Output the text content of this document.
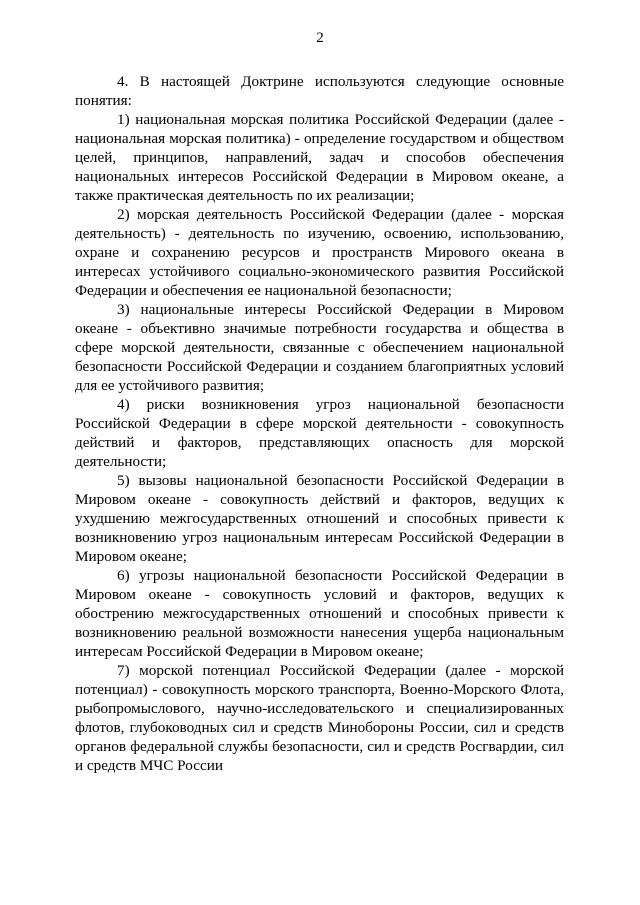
2

4. В настоящей Доктрине используются следующие основные понятия:

1) национальная морская политика Российской Федерации (далее - национальная морская политика) - определение государством и обществом целей, принципов, направлений, задач и способов обеспечения национальных интересов Российской Федерации в Мировом океане, а также практическая деятельность по их реализации;

2) морская деятельность Российской Федерации (далее - морская деятельность) - деятельность по изучению, освоению, использованию, охране и сохранению ресурсов и пространств Мирового океана в интересах устойчивого социально-экономического развития Российской Федерации и обеспечения ее национальной безопасности;

3) национальные интересы Российской Федерации в Мировом океане - объективно значимые потребности государства и общества в сфере морской деятельности, связанные с обеспечением национальной безопасности Российской Федерации и созданием благоприятных условий для ее устойчивого развития;

4) риски возникновения угроз национальной безопасности Российской Федерации в сфере морской деятельности - совокупность действий и факторов, представляющих опасность для морской деятельности;

5) вызовы национальной безопасности Российской Федерации в Мировом океане - совокупность действий и факторов, ведущих к ухудшению межгосударственных отношений и способных привести к возникновению угроз национальным интересам Российской Федерации в Мировом океане;

6) угрозы национальной безопасности Российской Федерации в Мировом океане - совокупность условий и факторов, ведущих к обострению межгосударственных отношений и способных привести к возникновению реальной возможности нанесения ущерба национальным интересам Российской Федерации в Мировом океане;

7) морской потенциал Российской Федерации (далее - морской потенциал) - совокупность морского транспорта, Военно-Морского Флота, рыбопромыслового, научно-исследовательского и специализированных флотов, глубоководных сил и средств Минобороны России, сил и средств органов федеральной службы безопасности, сил и средств Росгвардии, сил и средств МЧС России
